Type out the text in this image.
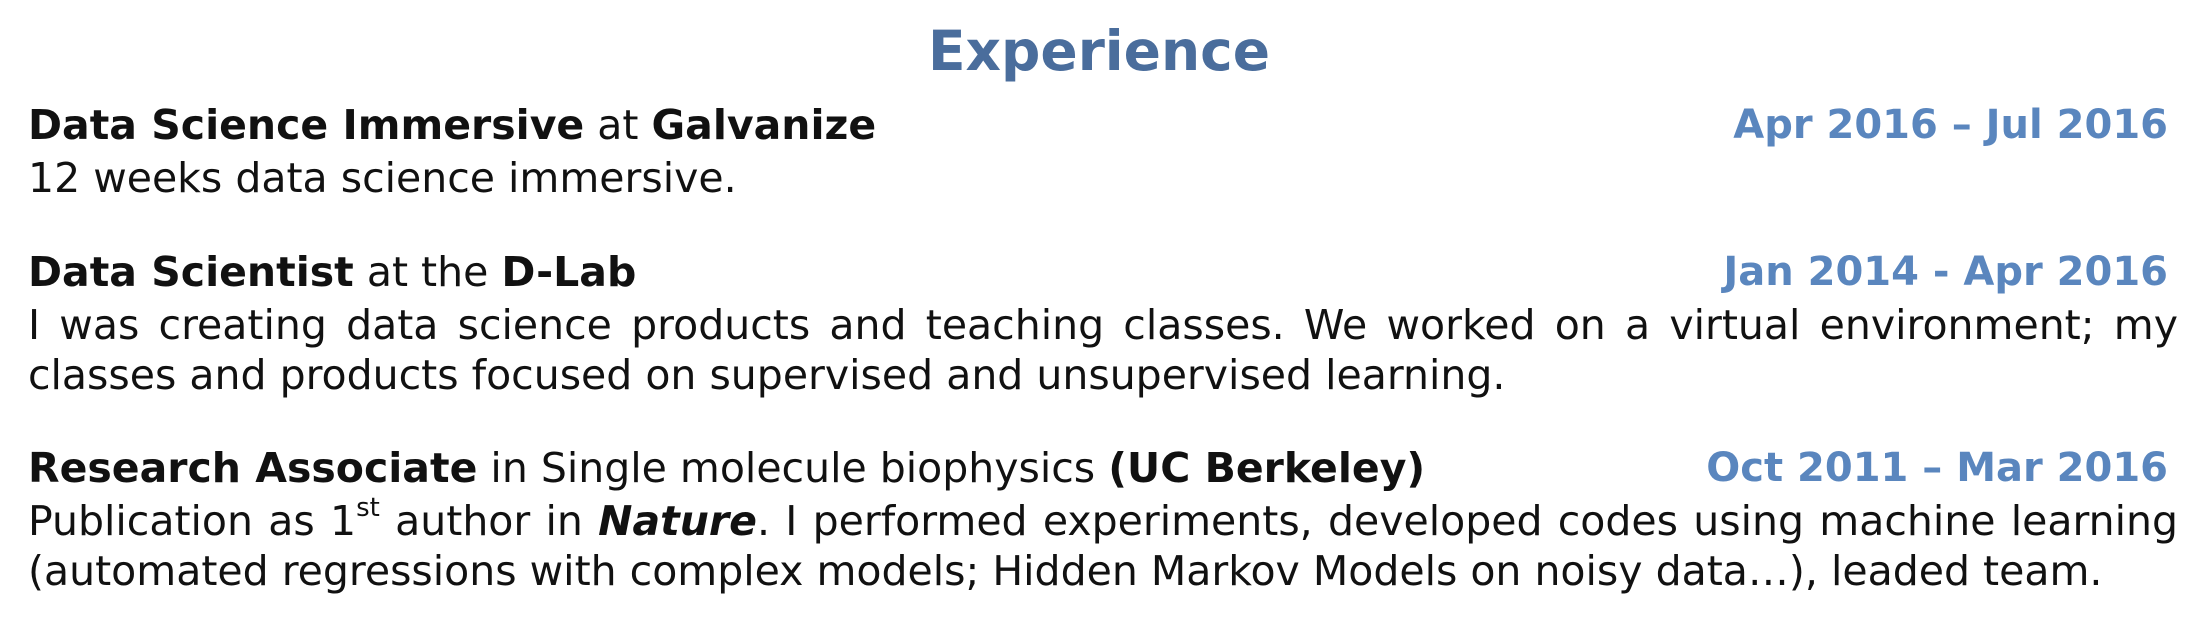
Experience
Data Science Immersive at Galvanize	Apr 2016 – Jul 2016
12 weeks data science immersive.
Data Scientist at the D-Lab	Jan 2014 - Apr 2016
I was creating data science products and teaching classes. We worked on a virtual environment; my classes and products focused on supervised and unsupervised learning.
Research Associate in Single molecule biophysics (UC Berkeley)	Oct 2011 – Mar 2016
Publication as 1st author in Nature. I performed experiments, developed codes using machine learning (automated regressions with complex models; Hidden Markov Models on noisy data…), leaded team.
